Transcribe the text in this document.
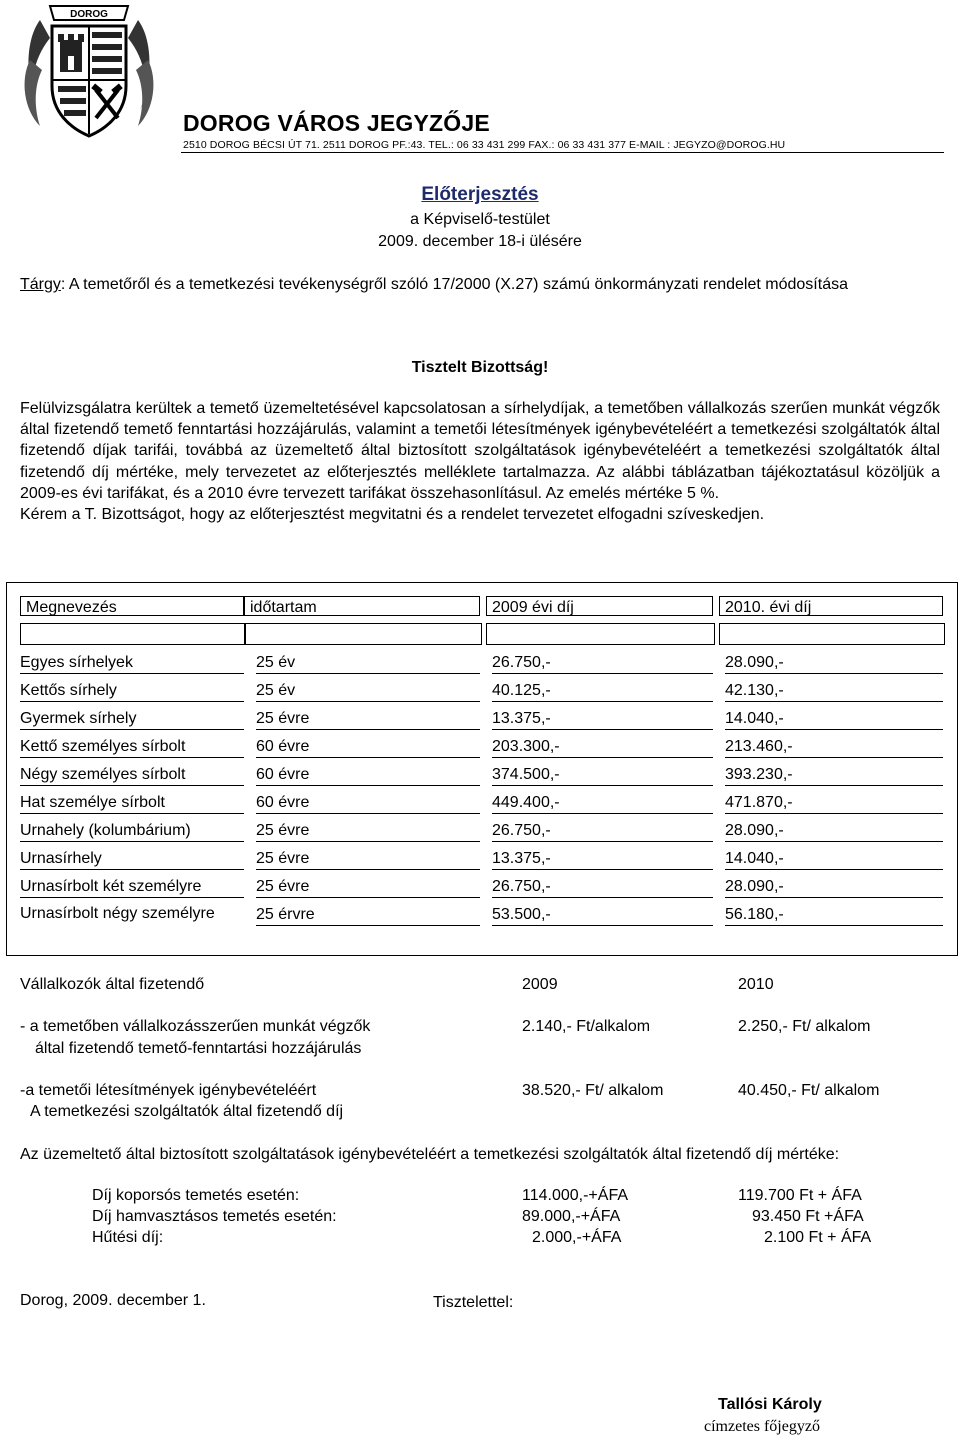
DOROG
DOROG VÁROS JEGYZŐJE
2510 DOROG BÉCSI ÚT 71. 2511 DOROG PF.:43. TEL.: 06 33 431 299 FAX.: 06 33 431 377 E-MAIL : JEGYZO@DOROG.HU
Előterjesztés
a Képviselő-testület
2009. december 18-i ülésére
Tárgy: A temetőről és a temetkezési tevékenységről szóló 17/2000 (X.27) számú önkormányzati rendelet módosítása
Tisztelt Bizottság!

Felülvizsgálatra kerültek a temető üzemeltetésével kapcsolatosan a sírhelydíjak, a temetőben vállalkozás szerűen munkát végzők által fizetendő temető fenntartási hozzájárulás, valamint a temetői létesítmények igénybevételéért a temetkezési szolgáltatók által fizetendő díjak tarifái, továbbá az üzemeltető által biztosított szolgáltatások igénybevételéért a temetkezési szolgáltatók által fizetendő díj mértéke, mely tervezetet az előterjesztés melléklete tartalmazza. Az alábbi táblázatban tájékoztatásul közöljük a 2009-es évi tarifákat, és a 2010 évre tervezett tarifákat összehasonlításul. Az emelés mértéke 5 %.

Kérem a T. Bizottságot, hogy az előterjesztést megvitatni és a rendelet tervezetet elfogadni szíveskedjen.

Megnevezés	időtartam	2009 évi díj	2010. évi díj
Egyes sírhelyek	25 év	26.750,-	28.090,-
Kettős sírhely	25 év	40.125,-	42.130,-
Gyermek sírhely	25 évre	13.375,-	14.040,-
Kettő személyes sírbolt	60 évre	203.300,-	213.460,-
Négy személyes sírbolt	60 évre	374.500,-	393.230,-
Hat személye sírbolt	60 évre	449.400,-	471.870,-
Urnahely (kolumbárium)	25 évre	26.750,-	28.090,-
Urnasírhely	25 évre	13.375,-	14.040,-
Urnasírbolt két személyre	25 évre	26.750,-	28.090,-
Urnasírbolt négy személyre	25 érvre	53.500,-	56.180,-
Vállalkozók által fizetendő	2009	2010
- a temetőben vállalkozásszerűen munkát végzők
által fizetendő temető-fenntartási hozzájárulás
2.140,- Ft/alkalom	2.250,- Ft/ alkalom
-a temetői létesítmények igénybevételéért
A temetkezési szolgáltatók által fizetendő díj
38.520,- Ft/ alkalom	40.450,- Ft/ alkalom
Az üzemeltető által biztosított szolgáltatások igénybevételéért a temetkezési szolgáltatók által fizetendő díj mértéke:
Díj koporsós temetés esetén:	114.000,-+ÁFA	119.700 Ft + ÁFA
Díj hamvasztásos temetés esetén:	89.000,-+ÁFA	93.450 Ft +ÁFA
Hűtési díj:	2.000,-+ÁFA	2.100 Ft + ÁFA
Dorog, 2009. december 1.	Tisztelettel:
Tallósi Károly
címzetes főjegyző
